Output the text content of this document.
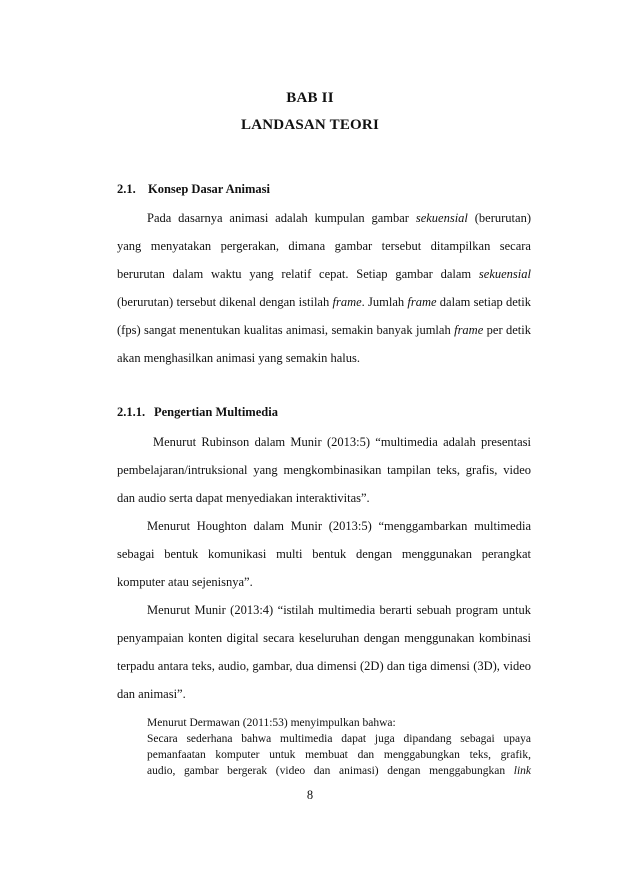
BAB II
LANDASAN TEORI
2.1. Konsep Dasar Animasi
Pada dasarnya animasi adalah kumpulan gambar sekuensial (berurutan)
yang menyatakan pergerakan, dimana gambar tersebut ditampilkan secara
berurutan dalam waktu yang relatif cepat. Setiap gambar dalam sekuensial
(berurutan) tersebut dikenal dengan istilah frame. Jumlah frame dalam setiap detik
(fps) sangat menentukan kualitas animasi, semakin banyak jumlah frame per detik
akan menghasilkan animasi yang semakin halus.
2.1.1. Pengertian Multimedia
Menurut Rubinson dalam Munir (2013:5) “multimedia adalah presentasi
pembelajaran/intruksional yang mengkombinasikan tampilan teks, grafis, video
dan audio serta dapat menyediakan interaktivitas”.
Menurut Houghton dalam Munir (2013:5) “menggambarkan multimedia
sebagai bentuk komunikasi multi bentuk dengan menggunakan perangkat
komputer atau sejenisnya”.
Menurut Munir (2013:4) “istilah multimedia berarti sebuah program untuk
penyampaian konten digital secara keseluruhan dengan menggunakan kombinasi
terpadu antara teks, audio, gambar, dua dimensi (2D) dan tiga dimensi (3D), video
dan animasi”.
Menurut Dermawan (2011:53) menyimpulkan bahwa:
Secara sederhana bahwa multimedia dapat juga dipandang sebagai upaya
pemanfaatan komputer untuk membuat dan menggabungkan teks, grafik,
audio, gambar bergerak (video dan animasi) dengan menggabungkan link
8
